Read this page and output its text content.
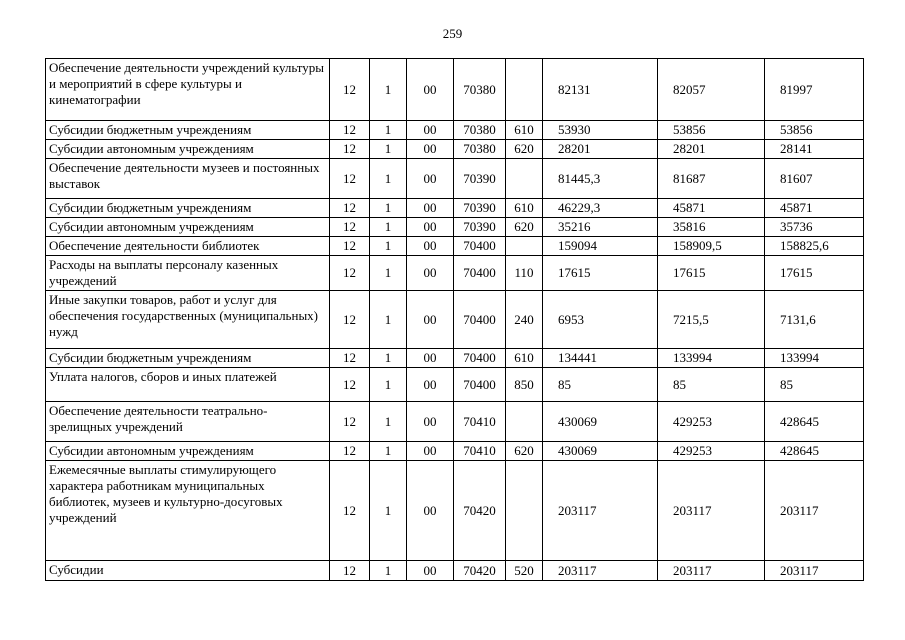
259
Обеспечение деятельности учреждений культуры и мероприятий в сфере культуры и кинематографии	12	1	00	70380		82131	82057	81997
Субсидии бюджетным учреждениям	12	1	00	70380	610	53930	53856	53856
Субсидии автономным учреждениям	12	1	00	70380	620	28201	28201	28141
Обеспечение деятельности музеев и постоянных выставок	12	1	00	70390		81445,3	81687	81607
Субсидии бюджетным учреждениям	12	1	00	70390	610	46229,3	45871	45871
Субсидии автономным учреждениям	12	1	00	70390	620	35216	35816	35736
Обеспечение деятельности библиотек	12	1	00	70400		159094	158909,5	158825,6
Расходы на выплаты персоналу казенных учреждений	12	1	00	70400	110	17615	17615	17615
Иные закупки товаров, работ и услуг для обеспечения государственных (муниципальных) нужд	12	1	00	70400	240	6953	7215,5	7131,6
Субсидии бюджетным учреждениям	12	1	00	70400	610	134441	133994	133994
Уплата налогов, сборов и иных платежей	12	1	00	70400	850	85	85	85
Обеспечение деятельности театрально-зрелищных учреждений	12	1	00	70410		430069	429253	428645
Субсидии автономным учреждениям	12	1	00	70410	620	430069	429253	428645
Ежемесячные выплаты стимулирующего характера работникам муниципальных библиотек, музеев и культурно-досуговых учреждений	12	1	00	70420		203117	203117	203117
Субсидии	12	1	00	70420	520	203117	203117	203117
